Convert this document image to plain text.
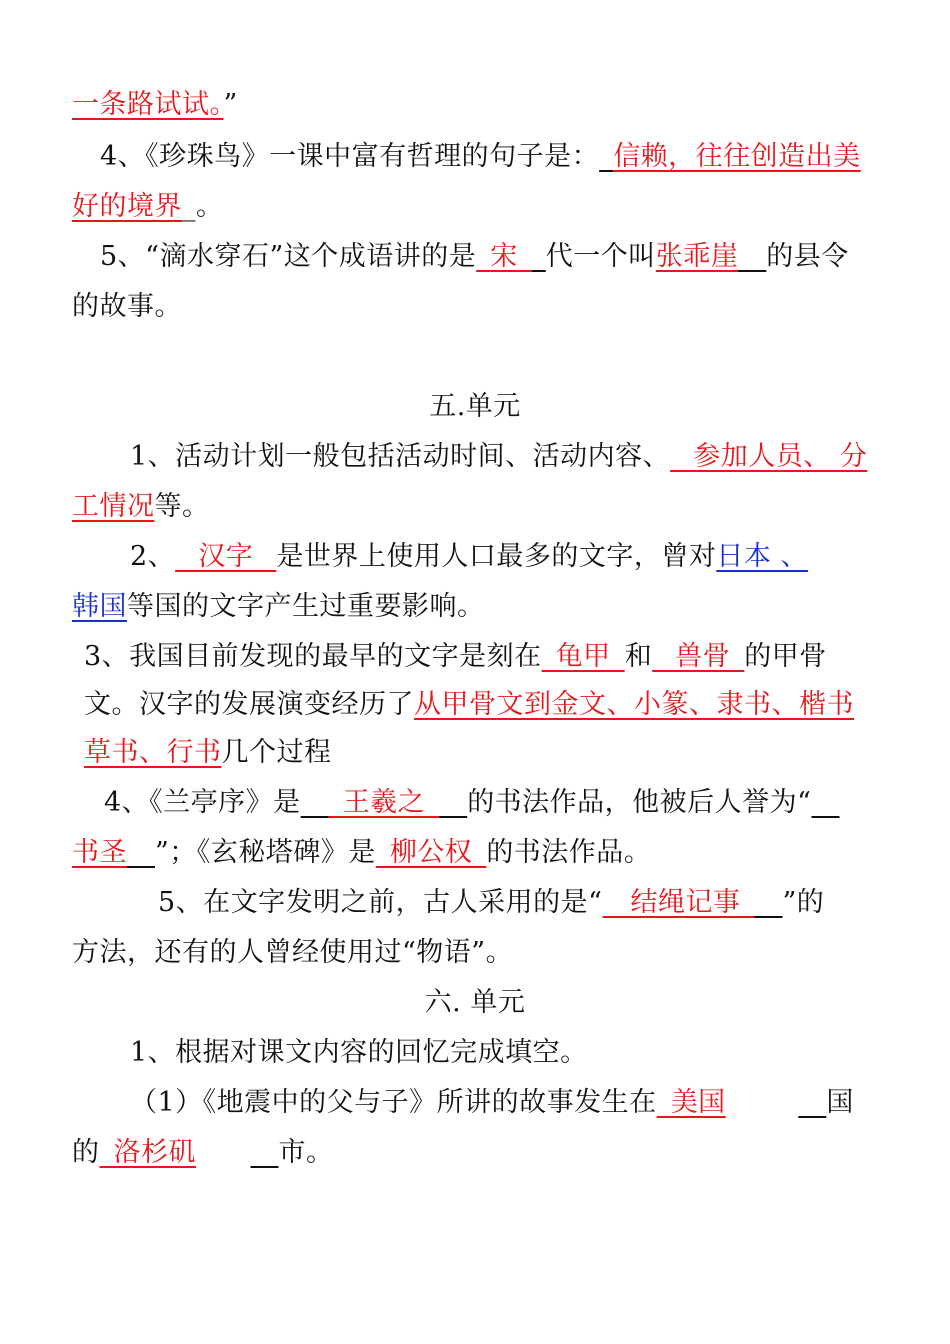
一条路试试。”
4、《珍珠鸟》一课中富有哲理的句子是：_信赖，往往创造出美
好的境界_。
5、“滴水穿石”这个成语讲的是_宋__代一个叫张乖崖__的县令
的故事。
五.单元
1、活动计划一般包括活动时间、活动内容、_ 参加人员、 分
工情况等。
2、_ 汉字 _是世界上使用人口最多的文字，曾对日本 、
韩国等国的文字产生过重要影响。
3、我国目前发现的最早的文字是刻在_龟甲_和_ 兽骨_的甲骨
文。汉字的发展演变经历了从甲骨文到金文、小篆、隶书、楷书
草书、行书几个过程
4、《兰亭序》是___王羲之___的书法作品，他被后人誉为“__
书圣__”；《玄秘塔碑》是_柳公权_的书法作品。
5、在文字发明之前，古人采用的是“__结绳记事___”的
方法，还有的人曾经使用过“物语”。
六. 单元
1、根据对课文内容的回忆完成填空。
（1）《地震中的父与子》所讲的故事发生在_美国	__国
的_洛杉矶 __市。
